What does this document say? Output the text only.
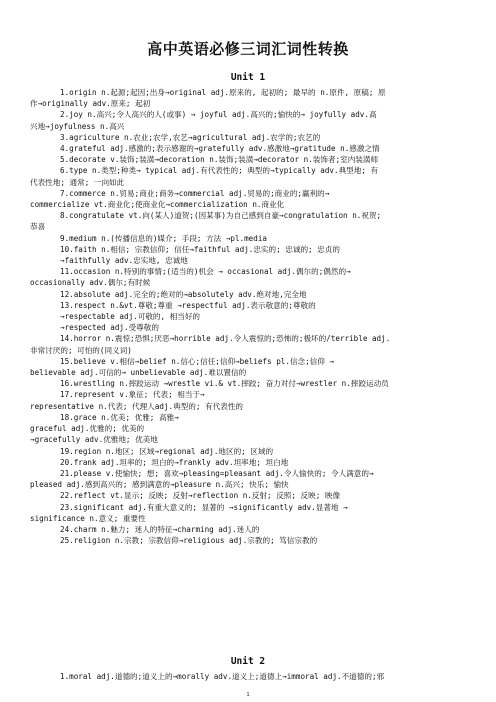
高中英语必修三词汇词性转换
Unit 1
1.origin n.起源;起因;出身→original adj.原来的, 起初的; 最早的 n.原件, 原稿; 原
作→originally adv.原来; 起初
2.joy n.高兴;令人高兴的人(或事) → joyful adj.高兴的;愉快的→ joyfully adv.高
兴地→joyfulness n.高兴
3.agriculture n.农业;农学,农艺→agricultural adj.农学的;农艺的
4.grateful adj.感激的;表示感谢的→gratefully adv.感激地→gratitude n.感激之情
5.decorate v.装饰;装潢→decoration n.装饰;装潢→decorator n.装饰者;室内装潢师
6.type n.类型;种类→ typical adj.有代表性的; 典型的→typically adv.典型地; 有
代表性地; 通常; 一向如此
7.commerce n.贸易;商业;商务→commercial adj.贸易的;商业的;赢利的→
commercialize vt.商业化;使商业化→commercialization n.商业化
8.congratulate vt.向(某人)道贺;(因某事)为自己感到自豪→congratulation n.祝贺;
恭喜
9.medium n.(传播信息的)媒介; 手段; 方法 →pl.media
10.faith n.相信; 宗教信仰; 信任→faithful adj.忠实的; 忠诚的; 忠贞的
→faithfully adv.忠实地, 忠诚地
11.occasion n.特别的事情;(适当的)机会 → occasional adj.偶尔的;偶然的→
occasionally adv.偶尔;有时候
12.absolute adj.完全的;绝对的→absolutely adv.绝对地,完全地
13.respect n.&vt.尊敬;尊重 →respectful adj.表示敬意的;尊敬的
→respectable adj.可敬的, 相当好的
→respected adj.受尊敬的
14.horror n.震惊;恐惧;厌恶→horrible adj.令人震惊的;恐怖的;极坏的/terrible adj.
非常讨厌的; 可怕的(同义词)
15.believe v.相信→belief n.信心;信任;信仰→beliefs pl.信念;信仰 →
believable adj.可信的→ unbelievable adj.难以置信的
16.wrestling n.摔跤运动 →wrestle vi.& vt.摔跤; 奋力对付→wrestler n.摔跤运动员
17.represent v.象征; 代表; 相当于→
representative n.代表; 代理人adj.典型的; 有代表性的
18.grace n.优美; 优雅; 高雅→
graceful adj.优雅的; 优美的
→gracefully adv.优雅地; 优美地
19.region n.地区; 区域→regional adj.地区的; 区域的
20.frank adj.坦率的; 坦白的→frankly adv.坦率地; 坦白地
21.please v.使愉快; 想; 喜欢→pleasing=pleasant adj.令人愉快的; 令人满意的→
pleased adj.感到高兴的; 感到满意的→pleasure n.高兴; 快乐; 愉快
22.reflect vt.显示; 反映; 反射→reflection n.反射; 反照; 反映; 映像
23.significant adj.有重大意义的; 显著的 →significantly adv.显著地 →
significance n.意义; 重要性
24.charm n.魅力; 迷人的特征→charming adj.迷人的
25.religion n.宗教; 宗教信仰→religious adj.宗教的; 笃信宗教的
Unit 2
1.moral adj.道德的;道义上的→morally adv.道义上;道德上→immoral adj.不道德的;邪
1
